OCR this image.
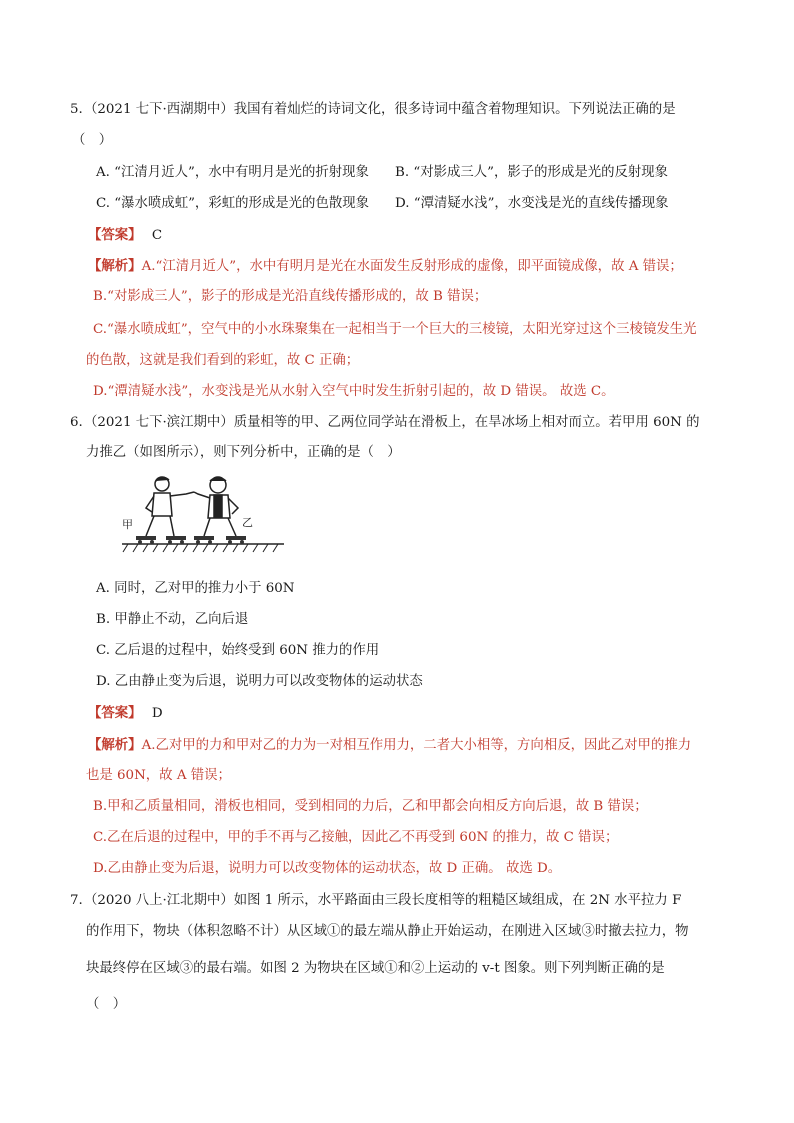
5. （2021 七下·西湖期中）我国有着灿烂的诗词文化，很多诗词中蕴含着物理知识。下列说法正确的是
（　）
A. “江清月近人”，水中有明月是光的折射现象 B. “对影成三人”，影子的形成是光的反射现象
C. “瀑水喷成虹”，彩虹的形成是光的色散现象 D. “潭清疑水浅”，水变浅是光的直线传播现象
【答案】 C
【解析】A.“江清月近人”，水中有明月是光在水面发生反射形成的虚像，即平面镜成像，故 A 错误；
B.“对影成三人”，影子的形成是光沿直线传播形成的，故 B 错误；
C.“瀑水喷成虹”，空气中的小水珠聚集在一起相当于一个巨大的三棱镜，太阳光穿过这个三棱镜发生光
的色散，这就是我们看到的彩虹，故 C 正确；
D.“潭清疑水浅”，水变浅是光从水射入空气中时发生折射引起的，故 D 错误。 故选 C。
6. （2021 七下·滨江期中）质量相等的甲、乙两位同学站在滑板上，在旱冰场上相对而立。若甲用 60N 的
力推乙（如图所示），则下列分析中，正确的是（　）
甲	乙
A. 同时，乙对甲的推力小于 60N
B. 甲静止不动，乙向后退
C. 乙后退的过程中，始终受到 60N 推力的作用
D. 乙由静止变为后退，说明力可以改变物体的运动状态
【答案】 D
【解析】A.乙对甲的力和甲对乙的力为一对相互作用力，二者大小相等，方向相反，因此乙对甲的推力
也是 60N，故 A 错误；
B.甲和乙质量相同，滑板也相同，受到相同的力后，乙和甲都会向相反方向后退，故 B 错误；
C.乙在后退的过程中，甲的手不再与乙接触，因此乙不再受到 60N 的推力，故 C 错误；
D.乙由静止变为后退，说明力可以改变物体的运动状态，故 D 正确。 故选 D。
7. （2020 八上·江北期中）如图 1 所示，水平路面由三段长度相等的粗糙区域组成，在 2N 水平拉力 F
的作用下，物块（体积忽略不计）从区域①的最左端从静止开始运动，在刚进入区域③时撤去拉力，物
块最终停在区域③的最右端。如图 2 为物块在区域①和②上运动的 v-t 图象。则下列判断正确的是
（　）
